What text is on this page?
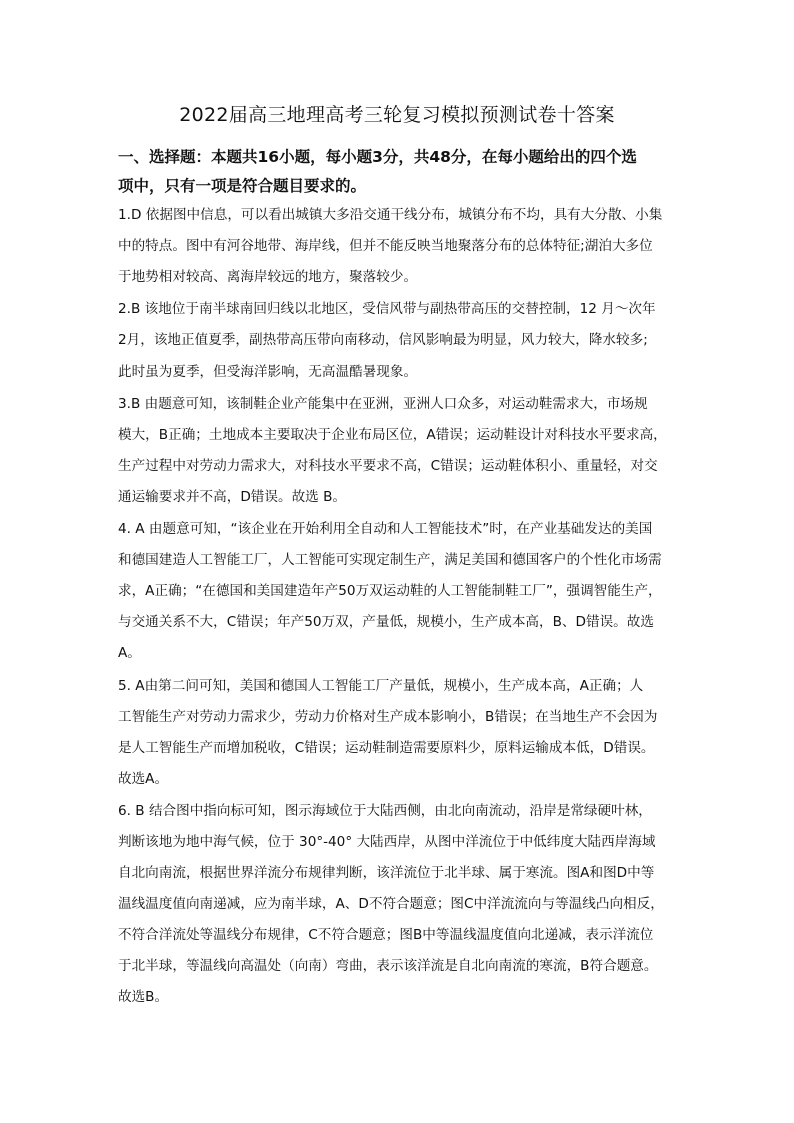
2022届高三地理高考三轮复习模拟预测试卷十答案
一、选择题：本题共16小题，每小题3分，共48分，在每小题给出的四个选
项中，只有一项是符合题目要求的。
1.D 依据图中信息，可以看出城镇大多沿交通干线分布，城镇分布不均，具有大分散、小集
中的特点。图中有河谷地带、海岸线，但并不能反映当地聚落分布的总体特征;湖泊大多位
于地势相对较高、离海岸较远的地方，聚落较少。
2.B 该地位于南半球南回归线以北地区，受信风带与副热带高压的交替控制，12 月～次年
2月，该地正值夏季，副热带高压带向南移动，信风影响最为明显，风力较大，降水较多;
此时虽为夏季，但受海洋影响，无高温酷暑现象。
3.B 由题意可知，该制鞋企业产能集中在亚洲，亚洲人口众多，对运动鞋需求大，市场规
模大，B正确；土地成本主要取决于企业布局区位，A错误；运动鞋设计对科技水平要求高，
生产过程中对劳动力需求大，对科技水平要求不高，C错误；运动鞋体积小、重量轻，对交
通运输要求并不高，D错误。故选 B。
4. A 由题意可知，“该企业在开始利用全自动和人工智能技术”时，在产业基础发达的美国
和德国建造人工智能工厂，人工智能可实现定制生产，满足美国和德国客户的个性化市场需
求，A正确；“在德国和美国建造年产50万双运动鞋的人工智能制鞋工厂”，强调智能生产，
与交通关系不大，C错误；年产50万双，产量低，规模小，生产成本高，B、D错误。故选
A。
5. A由第二问可知，美国和德国人工智能工厂产量低，规模小，生产成本高，A正确；人
工智能生产对劳动力需求少，劳动力价格对生产成本影响小，B错误；在当地生产不会因为
是人工智能生产而增加税收，C错误；运动鞋制造需要原料少，原料运输成本低，D错误。
故选A。
6. B 结合图中指向标可知，图示海域位于大陆西侧，由北向南流动，沿岸是常绿硬叶林，
判断该地为地中海气候，位于 30°-40° 大陆西岸，从图中洋流位于中低纬度大陆西岸海域
自北向南流，根据世界洋流分布规律判断，该洋流位于北半球、属于寒流。图A和图D中等
温线温度值向南递减，应为南半球，A、D不符合题意；图C中洋流流向与等温线凸向相反，
不符合洋流处等温线分布规律，C不符合题意；图B中等温线温度值向北递减，表示洋流位
于北半球，等温线向高温处（向南）弯曲，表示该洋流是自北向南流的寒流，B符合题意。
故选B。
